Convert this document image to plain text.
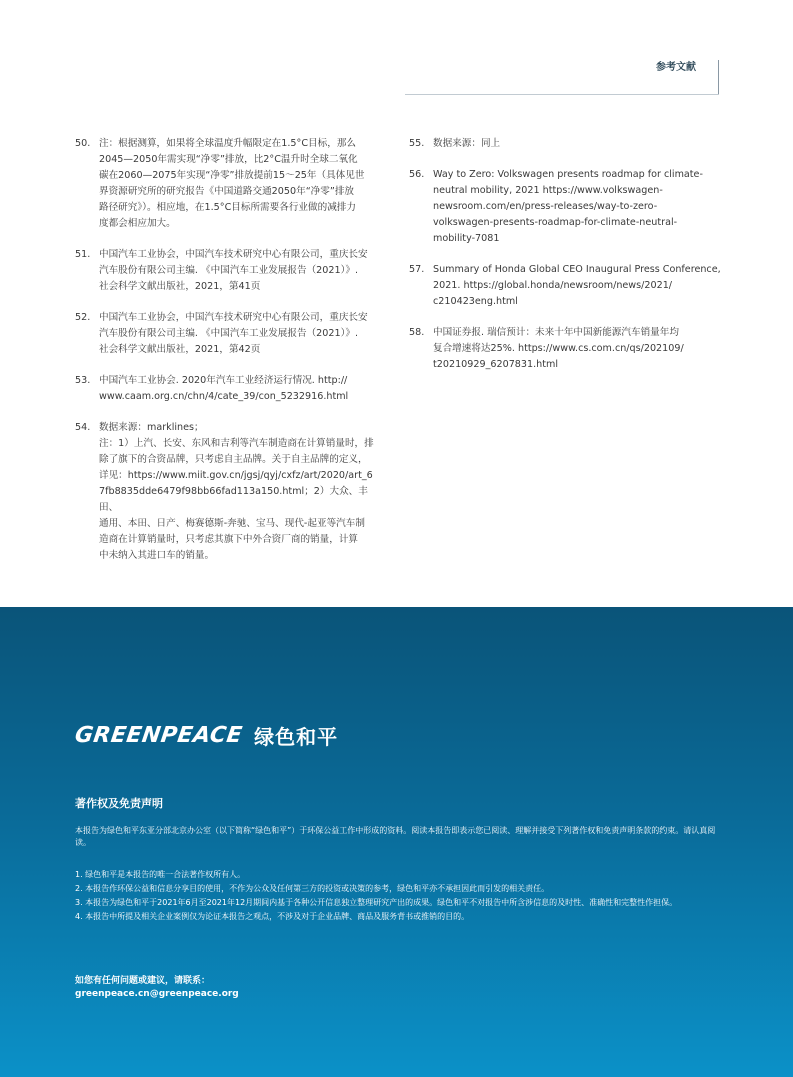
参考文献
50. 注：根据测算，如果将全球温度升幅限定在1.5°C目标，那么
2045—2050年需实现“净零”排放，比2°C温升时全球二氧化
碳在2060—2075年实现“净零”排放提前15～25年（具体见世
界资源研究所的研究报告《中国道路交通2050年“净零”排放
路径研究》）。相应地，在1.5°C目标所需要各行业做的减排力
度都会相应加大。
51. 中国汽车工业协会，中国汽车技术研究中心有限公司，重庆长安
汽车股份有限公司主编. 《中国汽车工业发展报告（2021）》.
社会科学文献出版社，2021，第41页
52. 中国汽车工业协会，中国汽车技术研究中心有限公司，重庆长安
汽车股份有限公司主编. 《中国汽车工业发展报告（2021）》.
社会科学文献出版社，2021，第42页
53. 中国汽车工业协会. 2020年汽车工业经济运行情况. http://
www.caam.org.cn/chn/4/cate_39/con_5232916.html
54. 数据来源：marklines；
注：1）上汽、长安、东风和吉利等汽车制造商在计算销量时，排
除了旗下的合资品牌，只考虑自主品牌。关于自主品牌的定义，
详见：https://www.miit.gov.cn/jgsj/qyj/cxfz/art/2020/art_6
7fb8835dde6479f98bb66fad113a150.html；2）大众、丰田、
通用、本田、日产、梅赛德斯-奔驰、宝马、现代-起亚等汽车制
造商在计算销量时，只考虑其旗下中外合资厂商的销量，计算
中未纳入其进口车的销量。
55. 数据来源：同上
56. Way to Zero: Volkswagen presents roadmap for climate-
neutral mobility, 2021 https://www.volkswagen-
newsroom.com/en/press-releases/way-to-zero-
volkswagen-presents-roadmap-for-climate-neutral-
mobility-7081
57. Summary of Honda Global CEO Inaugural Press Conference,
2021. https://global.honda/newsroom/news/2021/
c210423eng.html
58. 中国证券报. 瑞信预计：未来十年中国新能源汽车销量年均
复合增速将达25%. https://www.cs.com.cn/qs/202109/
t20210929_6207831.html
GREENPEACE 绿色和平
著作权及免责声明
本报告为绿色和平东亚分部北京办公室（以下简称“绿色和平”）于环保公益工作中形成的资料。阅读本报告即表示您已阅读、理解并接受下列著作权和免责声明条款的约束。请认真阅读。
1. 绿色和平是本报告的唯一合法著作权所有人。
2. 本报告作环保公益和信息分享目的使用，不作为公众及任何第三方的投资或决策的参考，绿色和平亦不承担因此而引发的相关责任。
3. 本报告为绿色和平于2021年6月至2021年12月期间内基于各种公开信息独立整理研究产出的成果。绿色和平不对报告中所含涉信息的及时性、准确性和完整性作担保。
4. 本报告中所提及相关企业案例仅为论证本报告之观点，不涉及对于企业品牌、商品及服务背书或推销的目的。
如您有任何问题或建议，请联系：
greenpeace.cn@greenpeace.org
